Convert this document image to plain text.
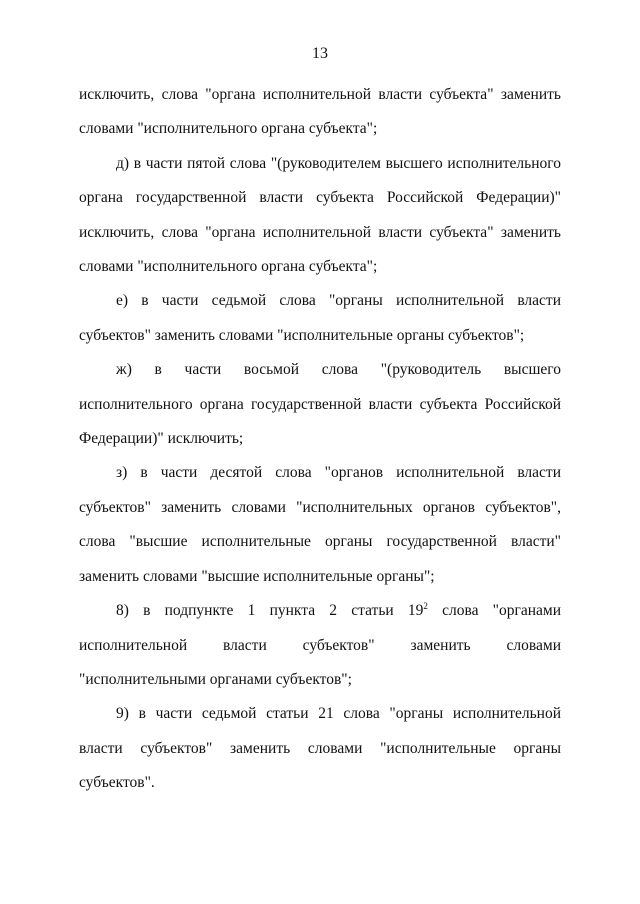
13

исключить, слова "органа исполнительной власти субъекта" заменить словами "исполнительного органа субъекта";

д) в части пятой слова "(руководителем высшего исполнительного органа государственной власти субъекта Российской Федерации)" исключить, слова "органа исполнительной власти субъекта" заменить словами "исполнительного органа субъекта";

е) в части седьмой слова "органы исполнительной власти субъектов" заменить словами "исполнительные органы субъектов";

ж) в части восьмой слова "(руководитель высшего исполнительного органа государственной власти субъекта Российской Федерации)" исключить;

з) в части десятой слова "органов исполнительной власти субъектов" заменить словами "исполнительных органов субъектов", слова "высшие исполнительные органы государственной власти" заменить словами "высшие исполнительные органы";

8) в подпункте 1 пункта 2 статьи $19^2$ слова "органами исполнительной власти субъектов" заменить словами "исполнительными органами субъектов";

9) в части седьмой статьи 21 слова "органы исполнительной власти субъектов" заменить словами "исполнительные органы субъектов".
